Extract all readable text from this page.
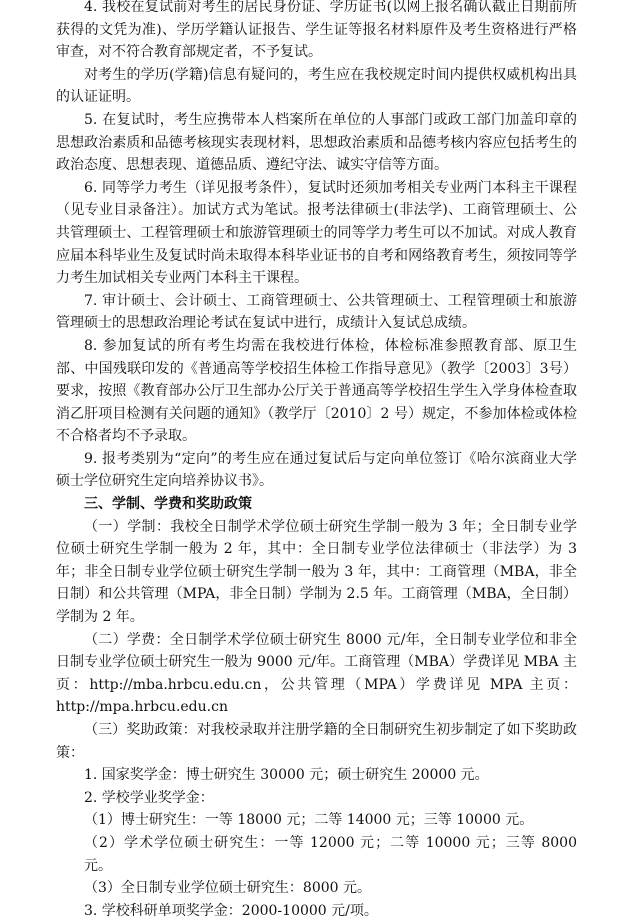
4. 我校在复试前对考生的居民身份证、学历证书(以网上报名确认截止日期前所获得的文凭为准)、学历学籍认证报告、学生证等报名材料原件及考生资格进行严格审查，对不符合教育部规定者，不予复试。

对考生的学历(学籍)信息有疑问的，考生应在我校规定时间内提供权威机构出具的认证证明。

5. 在复试时，考生应携带本人档案所在单位的人事部门或政工部门加盖印章的思想政治素质和品德考核现实表现材料，思想政治素质和品德考核内容应包括考生的政治态度、思想表现、道德品质、遵纪守法、诚实守信等方面。

6. 同等学力考生（详见报考条件），复试时还须加考相关专业两门本科主干课程（见专业目录备注）。加试方式为笔试。报考法律硕士(非法学)、工商管理硕士、公共管理硕士、工程管理硕士和旅游管理硕士的同等学力考生可以不加试。对成人教育应届本科毕业生及复试时尚未取得本科毕业证书的自考和网络教育考生，须按同等学力考生加试相关专业两门本科主干课程。

7. 审计硕士、会计硕士、工商管理硕士、公共管理硕士、工程管理硕士和旅游管理硕士的思想政治理论考试在复试中进行，成绩计入复试总成绩。

8. 参加复试的所有考生均需在我校进行体检，体检标准参照教育部、原卫生部、中国残联印发的《普通高等学校招生体检工作指导意见》（教学〔2003〕3号）要求，按照《教育部办公厅卫生部办公厅关于普通高等学校招生学生入学身体检查取消乙肝项目检测有关问题的通知》（教学厅〔2010〕2 号）规定，不参加体检或体检不合格者均不予录取。

9. 报考类别为“定向”的考生应在通过复试后与定向单位签订《哈尔滨商业大学硕士学位研究生定向培养协议书》。

三、学制、学费和奖助政策

（一）学制：我校全日制学术学位硕士研究生学制一般为 3 年；全日制专业学位硕士研究生学制一般为 2 年，其中：全日制专业学位法律硕士（非法学）为 3 年；非全日制专业学位硕士研究生学制一般为 3 年，其中：工商管理（MBA，非全日制）和公共管理（MPA，非全日制）学制为 2.5 年。工商管理（MBA，全日制）学制为 2 年。

（二）学费：全日制学术学位硕士研究生 8000 元/年，全日制专业学位和非全日制专业学位硕士研究生一般为 9000 元/年。工商管理（MBA）学费详见 MBA 主页：http://mba.hrbcu.edu.cn，公共管理（MPA）学费详见 MPA 主页：http://mpa.hrbcu.edu.cn

（三）奖助政策：对我校录取并注册学籍的全日制研究生初步制定了如下奖助政策：

1. 国家奖学金：博士研究生 30000 元；硕士研究生 20000 元。

2. 学校学业奖学金：

（1）博士研究生：一等 18000 元；二等 14000 元；三等 10000 元。

（2）学术学位硕士研究生：一等 12000 元；二等 10000 元；三等 8000 元。

（3）全日制专业学位硕士研究生：8000 元。

3. 学校科研单项奖学金：2000-10000 元/项。
